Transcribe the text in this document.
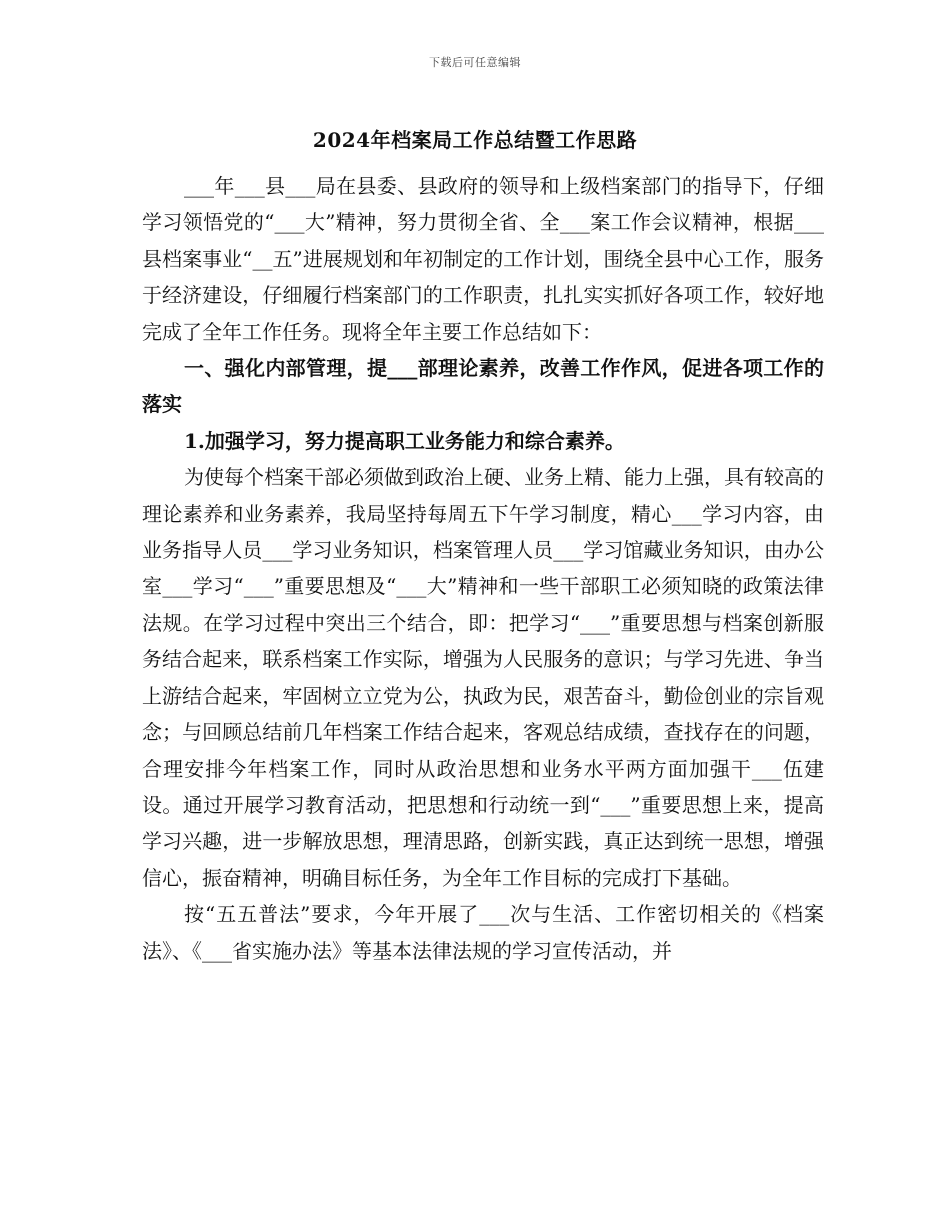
下载后可任意编辑
2024年档案局工作总结暨工作思路

___年___县___局在县委、县政府的领导和上级档案部门的指导下，仔细学习领悟党的“___大”精神，努力贯彻全省、全___案工作会议精神，根据___县档案事业“__五”进展规划和年初制定的工作计划，围绕全县中心工作，服务于经济建设，仔细履行档案部门的工作职责，扎扎实实抓好各项工作，较好地完成了全年工作任务。现将全年主要工作总结如下：

一、强化内部管理，提___部理论素养，改善工作作风，促进各项工作的落实

1.加强学习，努力提高职工业务能力和综合素养。

为使每个档案干部必须做到政治上硬、业务上精、能力上强，具有较高的理论素养和业务素养，我局坚持每周五下午学习制度，精心___学习内容，由业务指导人员___学习业务知识，档案管理人员___学习馆藏业务知识，由办公室___学习“___”重要思想及“___大”精神和一些干部职工必须知晓的政策法律法规。在学习过程中突出三个结合，即：把学习“___”重要思想与档案创新服务结合起来，联系档案工作实际，增强为人民服务的意识；与学习先进、争当上游结合起来，牢固树立立党为公，执政为民，艰苦奋斗，勤俭创业的宗旨观念；与回顾总结前几年档案工作结合起来，客观总结成绩，查找存在的问题，合理安排今年档案工作，同时从政治思想和业务水平两方面加强干___伍建设。通过开展学习教育活动，把思想和行动统一到“___”重要思想上来，提高学习兴趣，进一步解放思想，理清思路，创新实践，真正达到统一思想，增强信心，振奋精神，明确目标任务，为全年工作目标的完成打下基础。

按“五五普法”要求，今年开展了___次与生活、工作密切相关的《档案法》、《___省实施办法》等基本法律法规的学习宣传活动，并
